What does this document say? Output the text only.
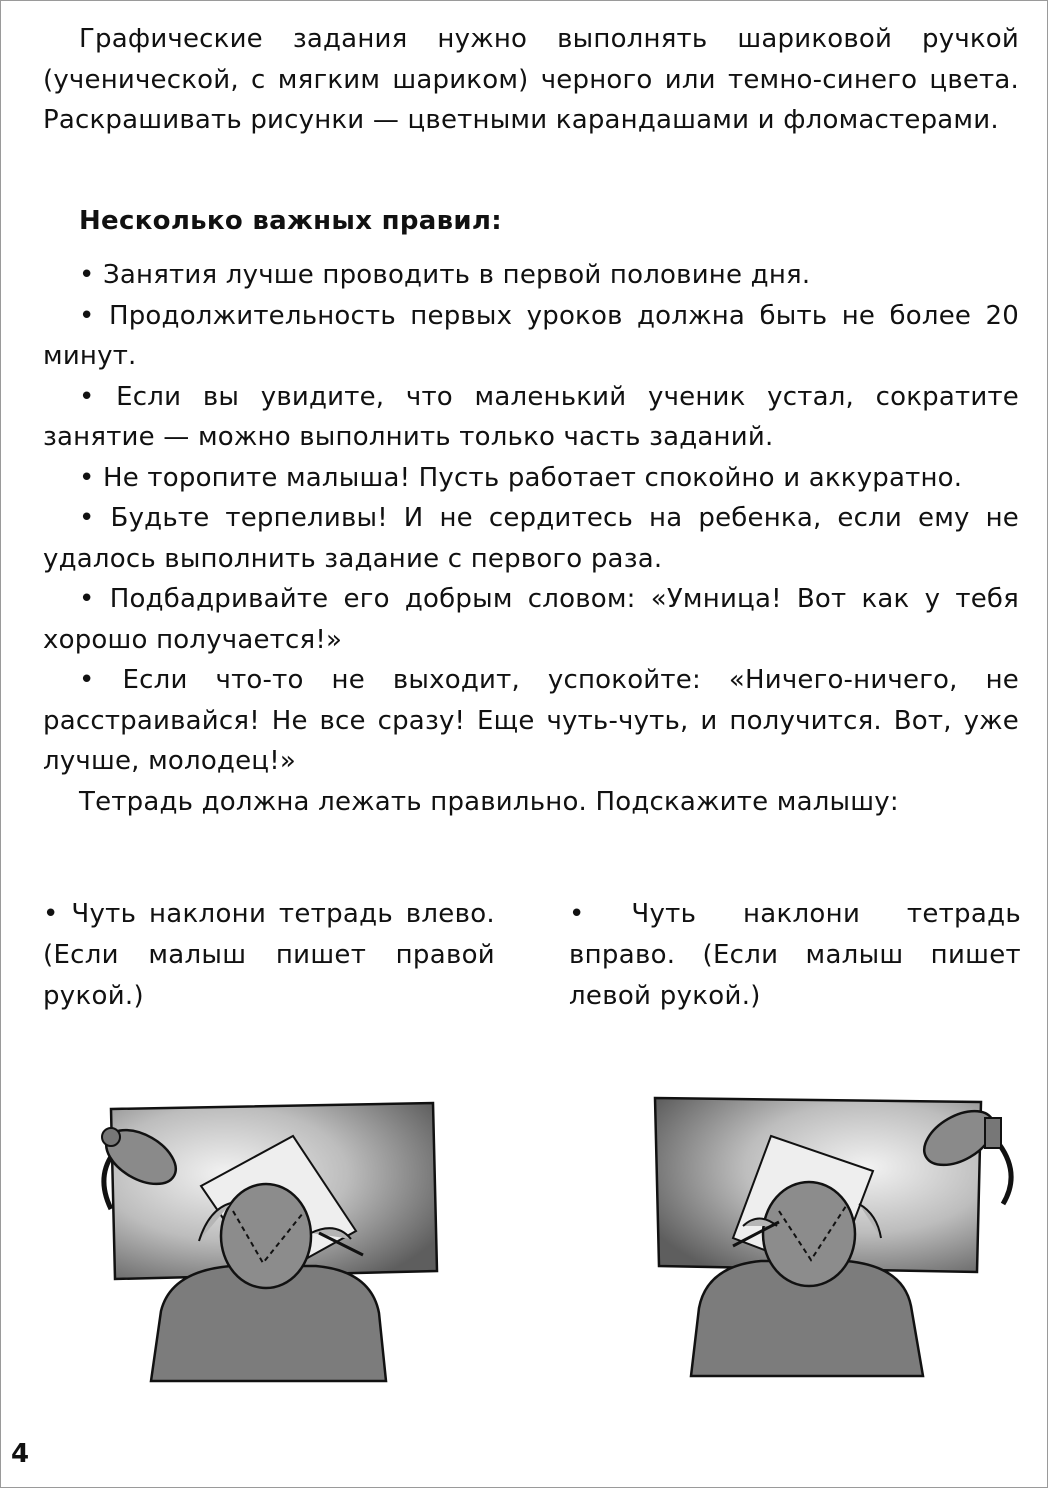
Графические задания нужно выполнять шариковой ручкой (ученической, с мягким шариком) черного или темно-синего цвета. Раскрашивать рисунки — цветными карандашами и фломастерами.

Несколько важных правил:

• Занятия лучше проводить в первой половине дня.

• Продолжительность первых уроков должна быть не более 20 минут.

• Если вы увидите, что маленький ученик устал, сократите занятие — можно выполнить только часть заданий.

• Не торопите малыша! Пусть работает спокойно и аккуратно.

• Будьте терпеливы! И не сердитесь на ребенка, если ему не удалось выполнить задание с первого раза.

• Подбадривайте его добрым словом: «Умница! Вот как у тебя хорошо получается!»

• Если что-то не выходит, успокойте: «Ничего-ничего, не расстраивайся! Не все сразу! Еще чуть-чуть, и получится. Вот, уже лучше, молодец!»

Тетрадь должна лежать правильно. Подскажите малышу:

• Чуть наклони тетрадь влево. (Если малыш пишет правой рукой.)

• Чуть наклони тетрадь вправо. (Если малыш пишет левой рукой.)

4
